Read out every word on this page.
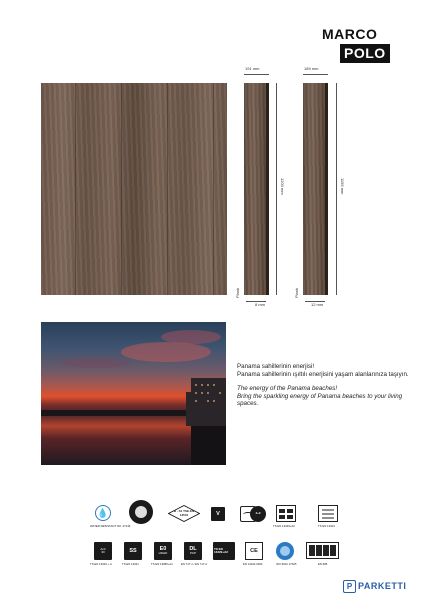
MARCO
POLO
191 mm
1200 mm
Plank
8 mm
189 mm
1195 mm
Plank
12 mm

Panama sahillerinin enerjisi!

Panama sahillerinin ışıltılı enerjisini yaşam alanlarınıza taşıyın.

The energy of the Panama beaches!

Bring the sparkling energy of Panama beaches to your living spaces.

💧
WATER RESISTANT NO: 47146
B - S1 TSE-EN 13501	V	4+2
TS EN 13329+A2	TS EN 13444
Ac4
33
TS EN 13329 + A
SS
TS EN 14041
E0
HDHD
TS EN 13986+A1
DL
PCP
EN 717-1 / EN 717-2
TS EN 13329+A2	CE
EN 14041:2004	ISO 9001 17025	EN 685
P PARKETTI
